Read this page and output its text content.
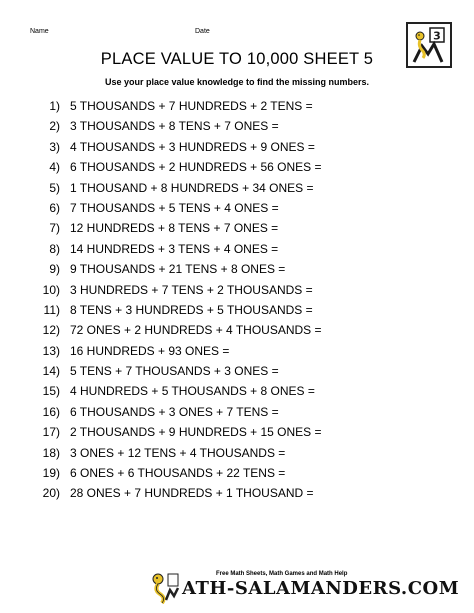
Name	Date	3
PLACE VALUE TO 10,000 SHEET 5
Use your place value knowledge to find the missing numbers.
1) 5 THOUSANDS + 7 HUNDREDS + 2 TENS =
2) 3 THOUSANDS + 8 TENS + 7 ONES =
3) 4 THOUSANDS + 3 HUNDREDS + 9 ONES =
4) 6 THOUSANDS + 2 HUNDREDS + 56 ONES =
5) 1 THOUSAND + 8 HUNDREDS + 34 ONES =
6) 7 THOUSANDS + 5 TENS + 4 ONES =
7) 12 HUNDREDS + 8 TENS + 7 ONES =
8) 14 HUNDREDS + 3 TENS + 4 ONES =
9) 9 THOUSANDS + 21 TENS + 8 ONES =
10) 3 HUNDREDS + 7 TENS + 2 THOUSANDS =
11) 8 TENS + 3 HUNDREDS + 5 THOUSANDS =
12) 72 ONES + 2 HUNDREDS + 4 THOUSANDS =
13) 16 HUNDREDS + 93 ONES =
14) 5 TENS + 7 THOUSANDS + 3 ONES =
15) 4 HUNDREDS + 5 THOUSANDS + 8 ONES =
16) 6 THOUSANDS + 3 ONES + 7 TENS =
17) 2 THOUSANDS + 9 HUNDREDS + 15 ONES =
18) 3 ONES + 12 TENS + 4 THOUSANDS =
19) 6 ONES + 6 THOUSANDS + 22 TENS =
20) 28 ONES + 7 HUNDREDS + 1 THOUSAND =
Free Math Sheets, Math Games and Math Help
ATH-SALAMANDERS.COM
